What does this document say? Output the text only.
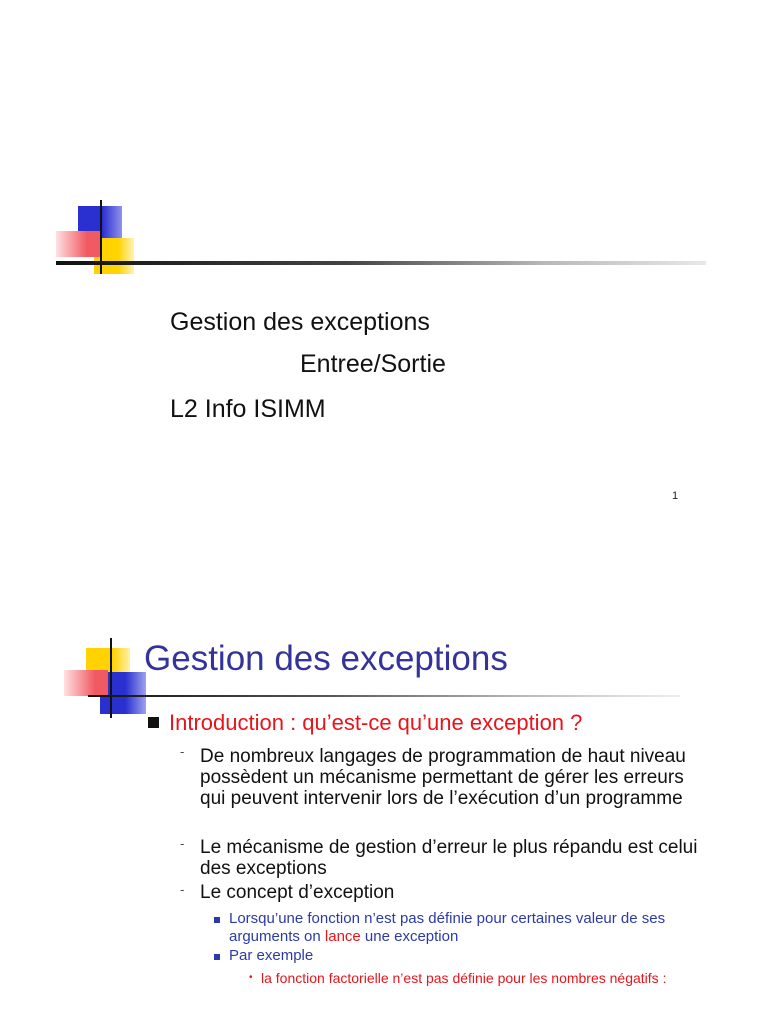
Gestion des exceptions
Entree/Sortie
L2 Info ISIMM
1
Gestion des exceptions
Introduction : qu’est-ce qu’une exception ?
- De nombreux langages de programmation de haut niveau possèdent un mécanisme permettant de gérer les erreurs qui peuvent intervenir lors de l’exécution d’un programme
- Le mécanisme de gestion d’erreur le plus répandu est celui des exceptions
- Le concept d’exception
Lorsqu’une fonction n’est pas définie pour certaines valeur de ses arguments on lance une exception
Par exemple
• la fonction factorielle n’est pas définie pour les nombres négatifs :
